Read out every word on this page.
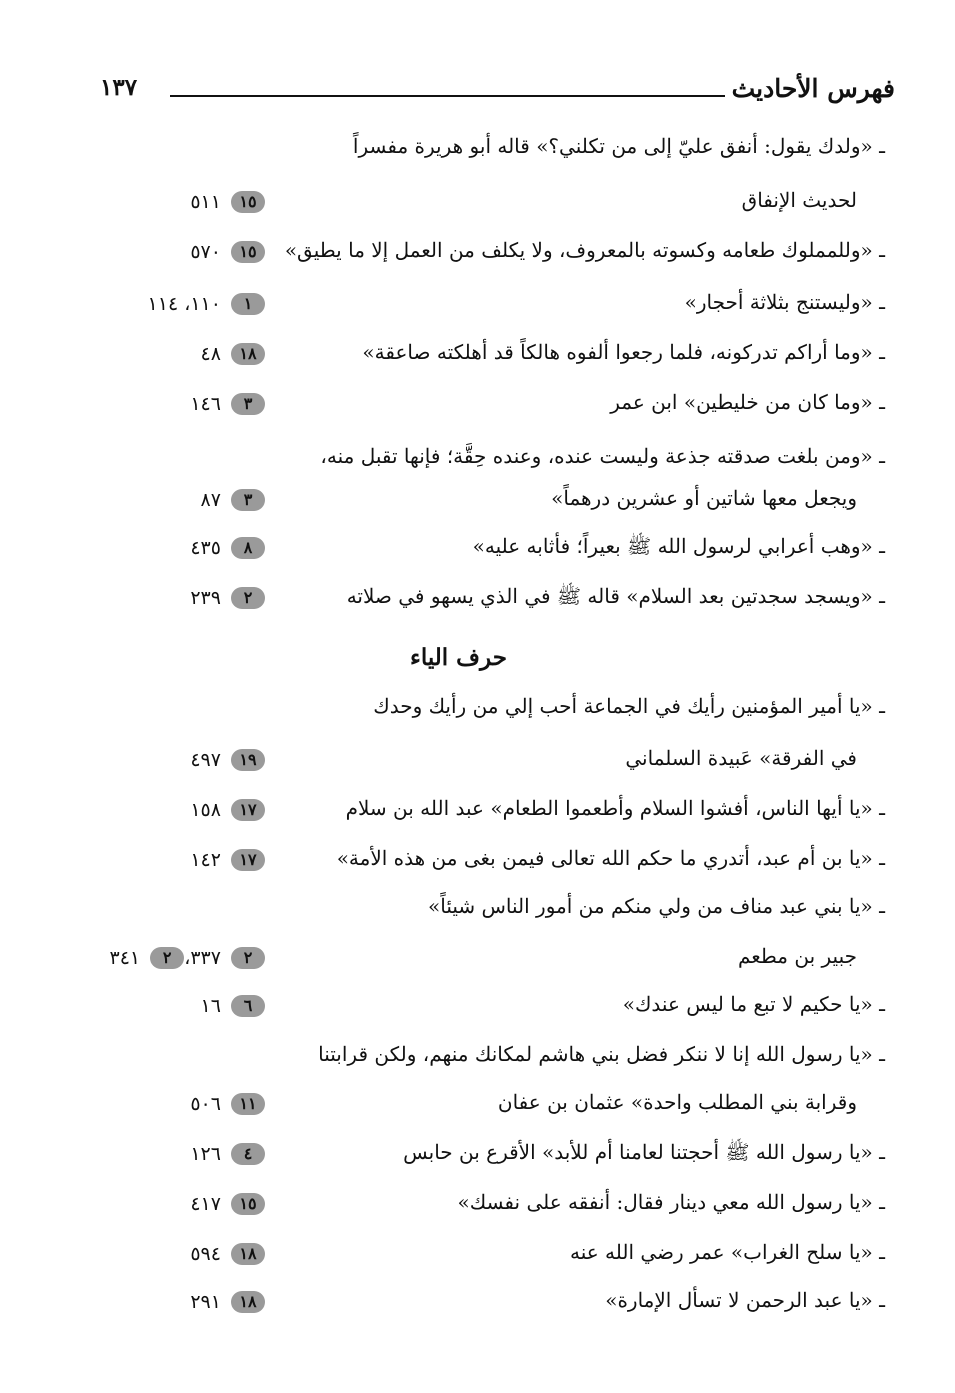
فهرس الأحاديث
١٣٧
حرف الياء
ـ «ولدك يقول: أنفق عليّ إلى من تكلني؟» قاله أبو هريرة مفسراً
لحديث الإنفاق
١٥ ٥١١
ـ «وللمملوك طعامه وكسوته بالمعروف، ولا يكلف من العمل إلا ما يطيق»
١٥ ٥٧٠
ـ «وليستنج بثلاثة أحجار»
١ ١١٠، ١١٤
ـ «وما أراكم تدركونه، فلما رجعوا ألفوه هالكاً قد أهلكته صاعقة»
١٨ ٤٨
ـ «وما كان من خليطين» ابن عمر
٣ ١٤٦
ـ «ومن بلغت صدقته جذعة وليست عنده، وعنده حِقَّة؛ فإنها تقبل منه،
ويجعل معها شاتين أو عشرين درهماً»
٣ ٨٧
ـ «وهب أعرابي لرسول الله ﷺ بعيراً؛ فأثابه عليه»
٨ ٤٣٥
ـ «ويسجد سجدتين بعد السلام» قاله ﷺ في الذي يسهو في صلاته
٢ ٢٣٩
ـ «يا أمير المؤمنين رأيك في الجماعة أحب إلي من رأيك وحدك
في الفرقة» عَبيدة السلماني
١٩ ٤٩٧
ـ «يا أيها الناس، أفشوا السلام وأطعموا الطعام» عبد الله بن سلام
١٧ ١٥٨
ـ «يا بن أم عبد، أتدري ما حكم الله تعالى فيمن بغى من هذه الأمة»
١٧ ١٤٢
ـ «يا بني عبد مناف من ولي منكم من أمور الناس شيئاً»
جبير بن مطعم
٢ ٣٣٧،٢ ٣٤١
ـ «يا حكيم لا تبع ما ليس عندك»
٦ ١٦
ـ «يا رسول الله إنا لا ننكر فضل بني هاشم لمكانك منهم، ولكن قرابتنا
وقرابة بني المطلب واحدة» عثمان بن عفان
١١ ٥٠٦
ـ «يا رسول الله ﷺ أحجتنا لعامنا أم للأبد» الأقرع بن حابس
٤ ١٢٦
ـ «يا رسول الله معي دينار فقال: أنفقه على نفسك»
١٥ ٤١٧
ـ «يا سلح الغراب» عمر رضي الله عنه
١٨ ٥٩٤
ـ «يا عبد الرحمن لا تسأل الإمارة»
١٨ ٢٩١
